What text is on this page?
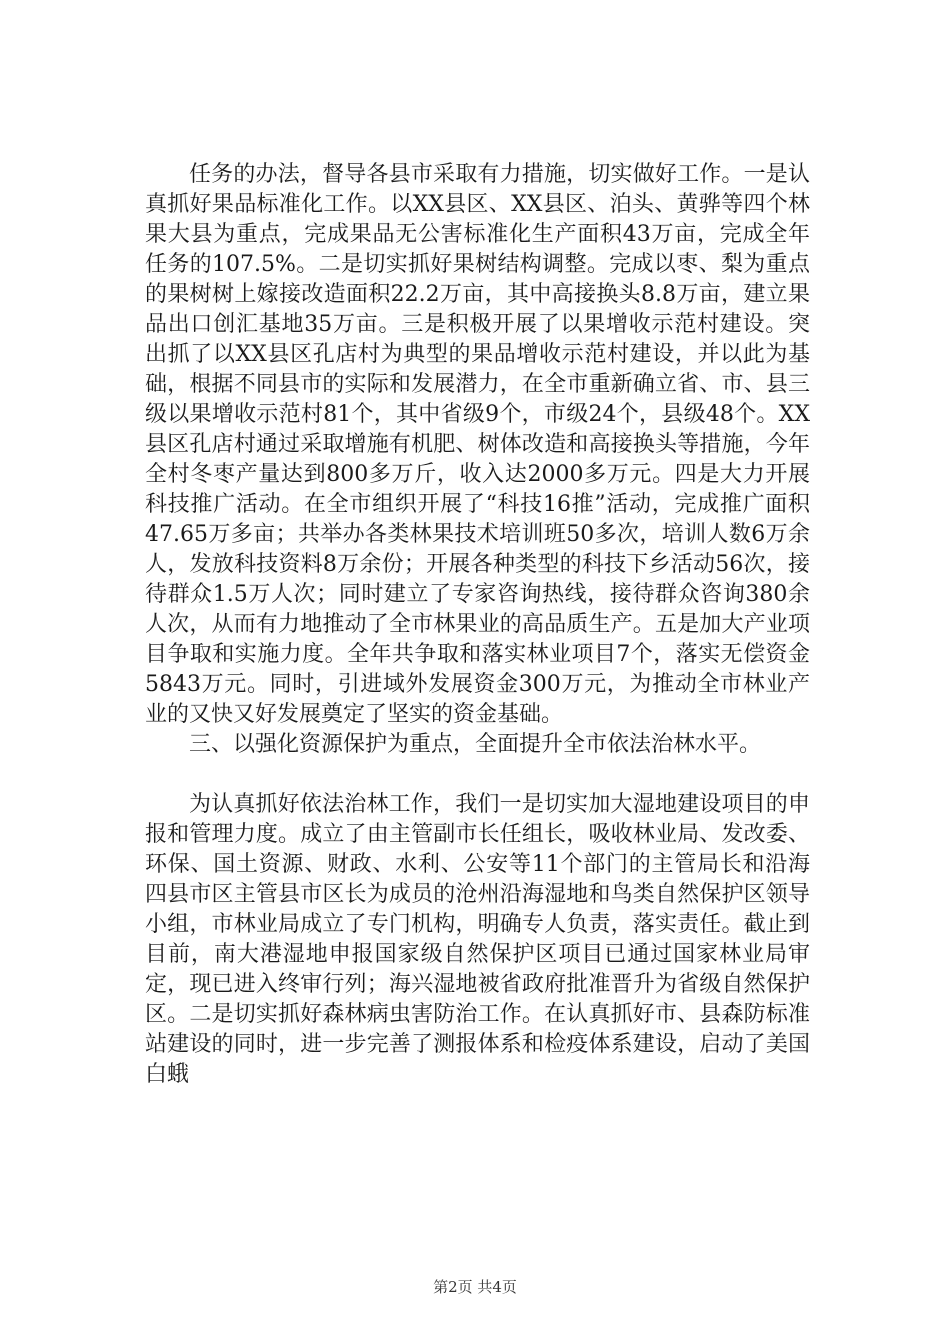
任务的办法，督导各县市采取有力措施，切实做好工作。一是认真抓好果品标准化工作。以XX县区、XX县区、泊头、黄骅等四个林果大县为重点，完成果品无公害标准化生产面积43万亩，完成全年任务的107.5%。二是切实抓好果树结构调整。完成以枣、梨为重点的果树树上嫁接改造面积22.2万亩，其中高接换头8.8万亩，建立果品出口创汇基地35万亩。三是积极开展了以果增收示范村建设。突出抓了以XX县区孔店村为典型的果品增收示范村建设，并以此为基础，根据不同县市的实际和发展潜力，在全市重新确立省、市、县三级以果增收示范村81个，其中省级9个，市级24个，县级48个。XX县区孔店村通过采取增施有机肥、树体改造和高接换头等措施，今年全村冬枣产量达到800多万斤，收入达2000多万元。四是大力开展科技推广活动。在全市组织开展了“科技16推”活动，完成推广面积47.65万多亩；共举办各类林果技术培训班50多次，培训人数6万余人，发放科技资料8万余份；开展各种类型的科技下乡活动56次，接待群众1.5万人次；同时建立了专家咨询热线，接待群众咨询380余人次，从而有力地推动了全市林果业的高品质生产。五是加大产业项目争取和实施力度。全年共争取和落实林业项目7个，落实无偿资金5843万元。同时，引进域外发展资金300万元，为推动全市林业产业的又快又好发展奠定了坚实的资金基础。

三、以强化资源保护为重点，全面提升全市依法治林水平。

为认真抓好依法治林工作，我们一是切实加大湿地建设项目的申报和管理力度。成立了由主管副市长任组长，吸收林业局、发改委、环保、国土资源、财政、水利、公安等11个部门的主管局长和沿海四县市区主管县市区长为成员的沧州沿海湿地和鸟类自然保护区领导小组，市林业局成立了专门机构，明确专人负责，落实责任。截止到目前，南大港湿地申报国家级自然保护区项目已通过国家林业局审定，现已进入终审行列；海兴湿地被省政府批准晋升为省级自然保护区。二是切实抓好森林病虫害防治工作。在认真抓好市、县森防标准站建设的同时，进一步完善了测报体系和检疫体系建设，启动了美国白蛾

第2页 共4页
